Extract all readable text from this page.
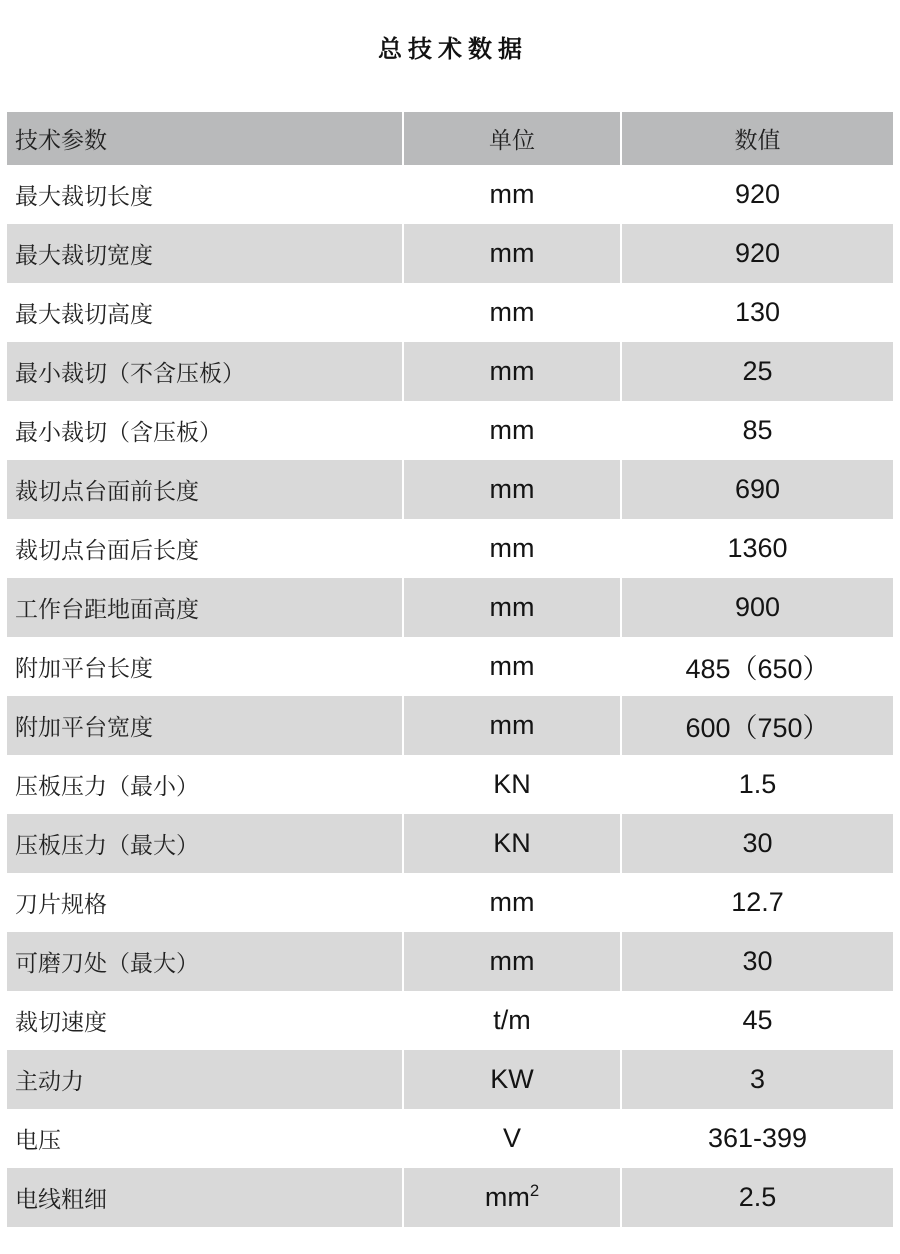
总技术数据
技术参数	单位	数值
最大裁切长度	mm	920
最大裁切宽度	mm	920
最大裁切高度	mm	130
最小裁切（不含压板）	mm	25
最小裁切（含压板）	mm	85
裁切点台面前长度	mm	690
裁切点台面后长度	mm	1360
工作台距地面高度	mm	900
附加平台长度	mm	485（650）
附加平台宽度	mm	600（750）
压板压力（最小）	KN	1.5
压板压力（最大）	KN	30
刀片规格	mm	12.7
可磨刀处（最大）	mm	30
裁切速度	t/m	45
主动力	KW	3
电压	V	361-399
电线粗细	$mm^2$	2.5
